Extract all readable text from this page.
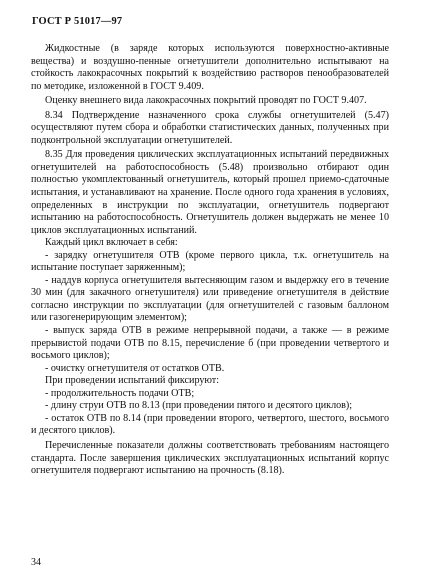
ГОСТ Р 51017—97

Жидкостные (в заряде которых используются поверхностно-активные вещества) и воздушно-пенные огнетушители дополнительно испытывают на стойкость лакокрасочных покрытий к воздействию растворов пенообразователей по методике, изложенной в ГОСТ 9.409.

Оценку внешнего вида лакокрасочных покрытий проводят по ГОСТ 9.407.

8.34 Подтверждение назначенного срока службы огнетушителей (5.47) осуществляют путем сбора и обработки статистических данных, полученных при подконтрольной эксплуатации огнетушителей.

8.35 Для проведения циклических эксплуатационных испытаний передвижных огнетушителей на работоспособность (5.48) произвольно отбирают один полностью укомплектованный огнетушитель, который прошел приемо-сдаточные испытания, и устанавливают на хранение. После одного года хранения в условиях, определенных в инструкции по эксплуатации, огнетушитель подвергают испытанию на работоспособность. Огнетушитель должен выдержать не менее 10 циклов эксплуатационных испытаний.

Каждый цикл включает в себя:

- зарядку огнетушителя ОТВ (кроме первого цикла, т.к. огнетушитель на испытание поступает заряженным);

- наддув корпуса огнетушителя вытесняющим газом и выдержку его в течение 30 мин (для закачного огнетушителя) или приведение огнетушителя в действие согласно инструкции по эксплуатации (для огнетушителей с газовым баллоном или газогенерирующим элементом);

- выпуск заряда ОТВ в режиме непрерывной подачи, а также — в режиме прерывистой подачи ОТВ по 8.15, перечисление б (при проведении четвертого и восьмого циклов);

- очистку огнетушителя от остатков ОТВ.

При проведении испытаний фиксируют:

- продолжительность подачи ОТВ;

- длину струи ОТВ по 8.13 (при проведении пятого и десятого циклов);

- остаток ОТВ по 8.14 (при проведении второго, четвертого, шестого, восьмого и десятого циклов).

Перечисленные показатели должны соответствовать требованиям настоящего стандарта. После завершения циклических эксплуатационных испытаний корпус огнетушителя подвергают испытанию на прочность (8.18).

34
